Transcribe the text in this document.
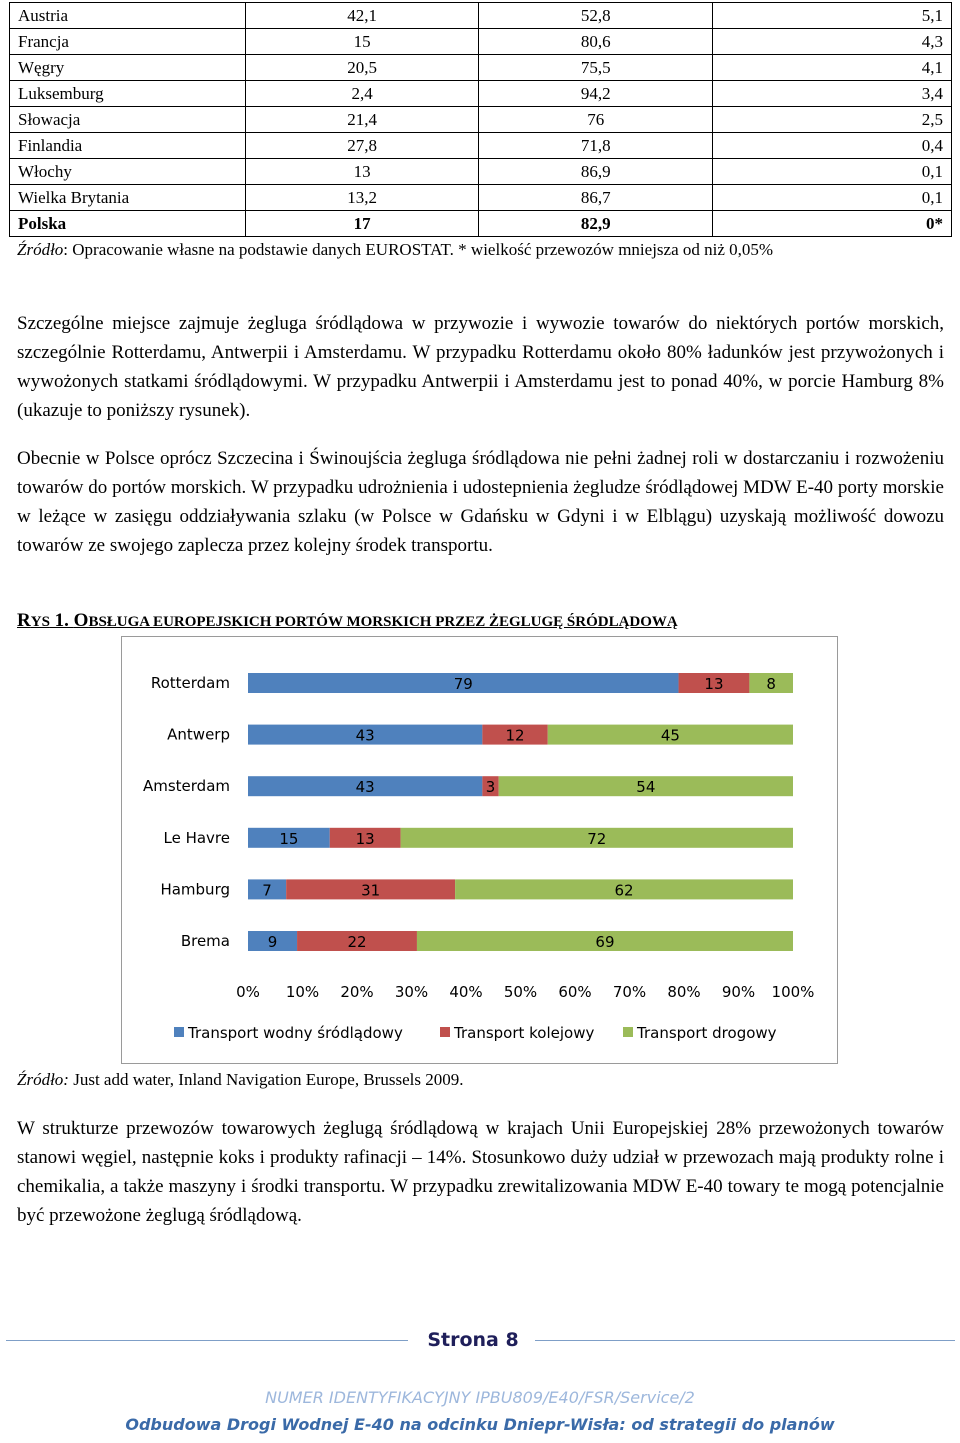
Austria	42,1	52,8	5,1
Francja	15	80,6	4,3
Węgry	20,5	75,5	4,1
Luksemburg	2,4	94,2	3,4
Słowacja	21,4	76	2,5
Finlandia	27,8	71,8	0,4
Włochy	13	86,9	0,1
Wielka Brytania	13,2	86,7	0,1
Polska	17	82,9	0*
Źródło: Opracowanie własne na podstawie danych EUROSTAT. * wielkość przewozów mniejsza od niż 0,05%
Szczególne miejsce zajmuje żegluga śródlądowa w przywozie i wywozie towarów do niektórych portów morskich, szczególnie Rotterdamu, Antwerpii i Amsterdamu. W przypadku Rotterdamu około 80% ładunków jest przywożonych i wywożonych statkami śródlądowymi. W przypadku Antwerpii i Amsterdamu jest to ponad 40%, w porcie Hamburg 8% (ukazuje to poniższy rysunek).
Obecnie w Polsce oprócz Szczecina i Świnoujścia żegluga śródlądowa nie pełni żadnej roli w dostarczaniu i rozwożeniu towarów do portów morskich. W przypadku udrożnienia i udostepnienia żegludze śródlądowej MDW E-40 porty morskie w leżące w zasięgu oddziaływania szlaku (w Polsce w Gdańsku w Gdyni i w Elblągu) uzyskają możliwość dowozu towarów ze swojego zaplecza przez kolejny środek transportu.
RYS 1. OBSŁUGA EUROPEJSKICH PORTÓW MORSKICH PRZEZ ŻEGLUGĘ ŚRÓDLĄDOWĄ
Rotterdam	79	13	8
Antwerp	43	12	45
Amsterdam	43	3	54
Le Havre	15	13	72
Hamburg 7	31	62
Brema	9	22	69
0% 10% 20% 30% 40% 50% 60% 70% 80% 90% 100%
Transport wodny śródlądowy	Transport kolejowy	Transport drogowy
Źródło: Just add water, Inland Navigation Europe, Brussels 2009.
W strukturze przewozów towarowych żeglugą śródlądową w krajach Unii Europejskiej 28% przewożonych towarów stanowi węgiel, następnie koks i produkty rafinacji – 14%. Stosunkowo duży udział w przewozach mają produkty rolne i chemikalia, a także maszyny i środki transportu. W przypadku zrewitalizowania MDW E-40 towary te mogą potencjalnie być przewożone żeglugą śródlądową.
Strona 8
NUMER IDENTYFIKACYJNY IPBU809/E40/FSR/Service/2
Odbudowa Drogi Wodnej E-40 na odcinku Dniepr-Wisła: od strategii do planów
